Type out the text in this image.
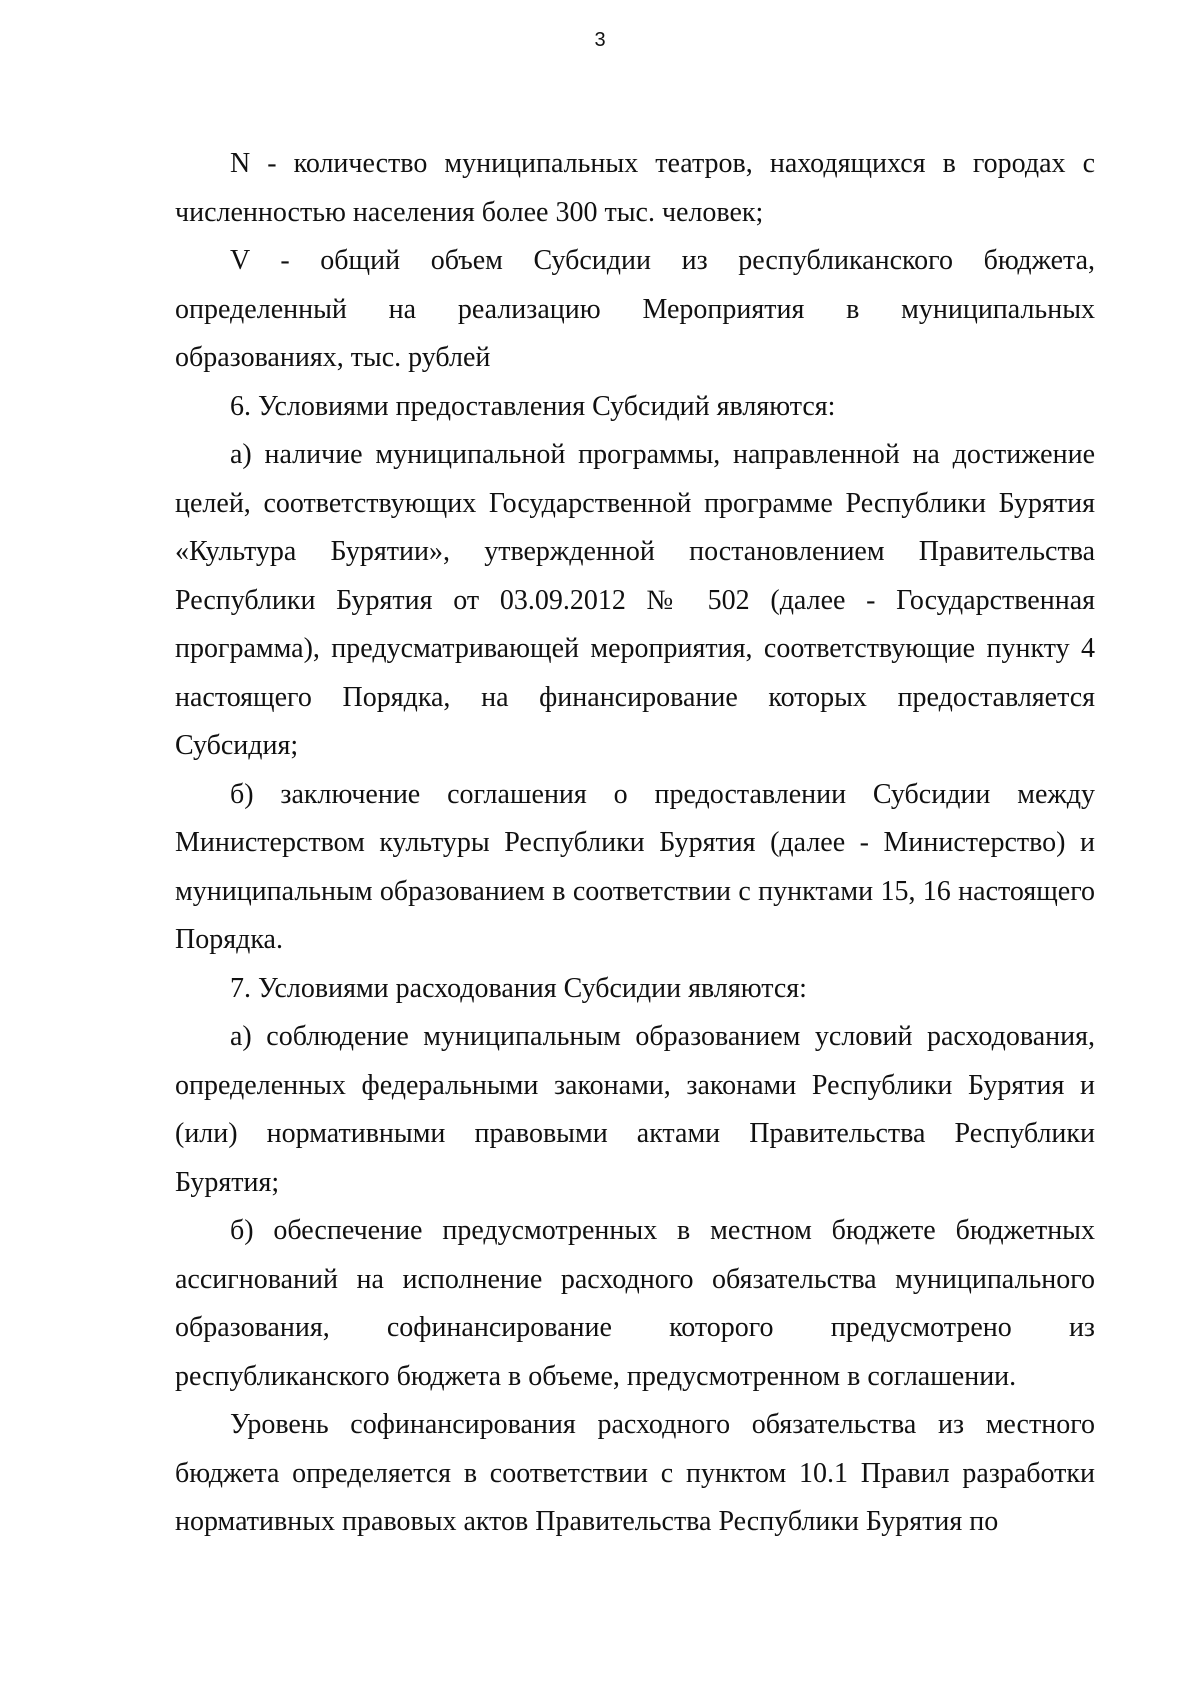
3

N - количество муниципальных театров, находящихся в городах с численностью населения более 300 тыс. человек;

V - общий объем Субсидии из республиканского бюджета, определенный на реализацию Мероприятия в муниципальных образованиях, тыс. рублей

6. Условиями предоставления Субсидий являются:

а) наличие муниципальной программы, направленной на достижение целей, соответствующих Государственной программе Республики Бурятия «Культура Бурятии», утвержденной постановлением Правительства Республики Бурятия от 03.09.2012 № 502 (далее - Государственная программа), предусматривающей мероприятия, соответствующие пункту 4 настоящего Порядка, на финансирование которых предоставляется Субсидия;

б) заключение соглашения о предоставлении Субсидии между Министерством культуры Республики Бурятия (далее - Министерство) и муниципальным образованием в соответствии с пунктами 15, 16 настоящего Порядка.

7. Условиями расходования Субсидии являются:

а) соблюдение муниципальным образованием условий расходования, определенных федеральными законами, законами Республики Бурятия и (или) нормативными правовыми актами Правительства Республики Бурятия;

б) обеспечение предусмотренных в местном бюджете бюджетных ассигнований на исполнение расходного обязательства муниципального образования, софинансирование которого предусмотрено из республиканского бюджета в объеме, предусмотренном в соглашении.

Уровень софинансирования расходного обязательства из местного бюджета определяется в соответствии с пунктом 10.1 Правил разработки нормативных правовых актов Правительства Республики Бурятия по
